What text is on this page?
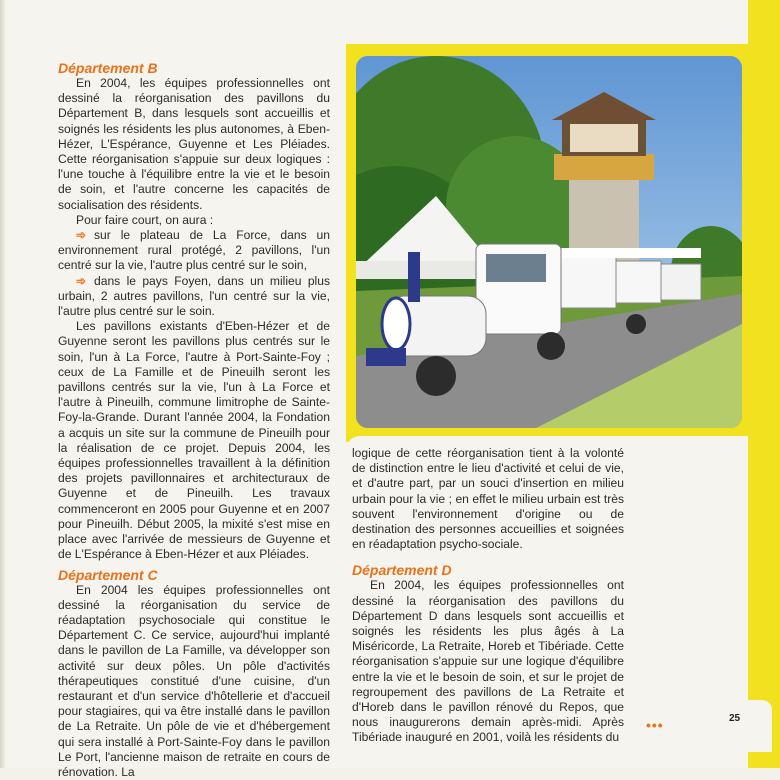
Département B

En 2004, les équipes professionnelles ont dessiné la réorganisation des pavillons du Département B, dans lesquels sont accueillis et soignés les résidents les plus autonomes, à Eben-Hézer, L'Espérance, Guyenne et Les Pléiades. Cette réorganisation s'appuie sur deux logiques : l'une touche à l'équilibre entre la vie et le besoin de soin, et l'autre concerne les capacités de socialisation des résidents.

Pour faire court, on aura :

➾ sur le plateau de La Force, dans un environnement rural protégé, 2 pavillons, l'un centré sur la vie, l'autre plus centré sur le soin,

➾ dans le pays Foyen, dans un milieu plus urbain, 2 autres pavillons, l'un centré sur la vie, l'autre plus centré sur le soin.

Les pavillons existants d'Eben-Hézer et de Guyenne seront les pavillons plus centrés sur le soin, l'un à La Force, l'autre à Port-Sainte-Foy ; ceux de La Famille et de Pineuilh seront les pavillons centrés sur la vie, l'un à La Force et l'autre à Pineuilh, commune limitrophe de Sainte-Foy-la-Grande. Durant l'année 2004, la Fondation a acquis un site sur la commune de Pineuilh pour la réalisation de ce projet. Depuis 2004, les équipes professionnelles travaillent à la définition des projets pavillonnaires et architecturaux de Guyenne et de Pineuilh. Les travaux commenceront en 2005 pour Guyenne et en 2007 pour Pineuilh. Début 2005, la mixité s'est mise en place avec l'arrivée de messieurs de Guyenne et de L'Espérance à Eben-Hézer et aux Pléiades.

Département C

En 2004 les équipes professionnelles ont dessiné la réorganisation du service de réadaptation psychosociale qui constitue le Département C. Ce service, aujourd'hui implanté dans le pavillon de La Famille, va développer son activité sur deux pôles. Un pôle d'activités thérapeutiques constitué d'une cuisine, d'un restaurant et d'un service d'hôtellerie et d'accueil pour stagiaires, qui va être installé dans le pavillon de La Retraite. Un pôle de vie et d'hébergement qui sera installé à Port-Sainte-Foy dans le pavillon Le Port, l'ancienne maison de retraite en cours de rénovation. La

logique de cette réorganisation tient à la volonté de distinction entre le lieu d'activité et celui de vie, et d'autre part, par un souci d'insertion en milieu urbain pour la vie ; en effet le milieu urbain est très souvent l'environnement d'origine ou de destination des personnes accueillies et soignées en réadaptation psycho-sociale.

Département D

En 2004, les équipes professionnelles ont dessiné la réorganisation des pavillons du Département D dans lesquels sont accueillis et soignés les résidents les plus âgés à La Miséricorde, La Retraite, Horeb et Tibériade. Cette réorganisation s'appuie sur une logique d'équilibre entre la vie et le besoin de soin, et sur le projet de regroupement des pavillons de La Retraite et d'Horeb dans le pavillon rénové du Repos, que nous inaugurerons demain après-midi. Après Tibériade inauguré en 2001, voilà les résidents du

•••	25
